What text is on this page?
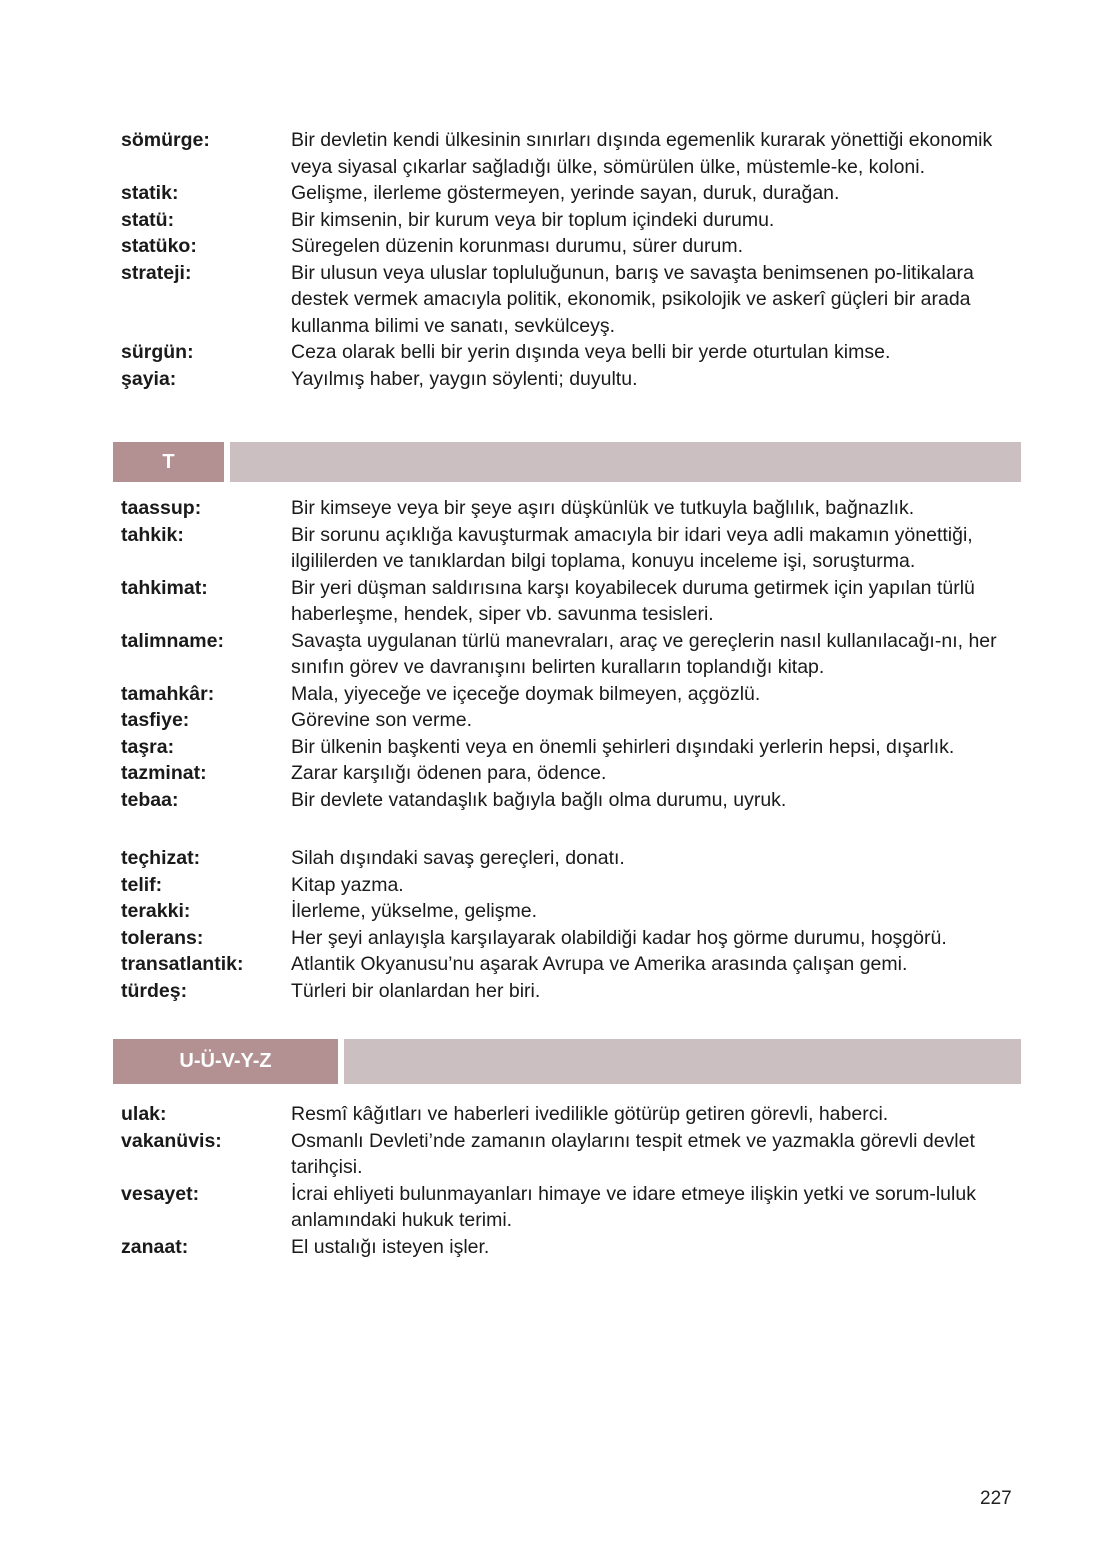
sömürge:	Bir devletin kendi ülkesinin sınırları dışında egemenlik kurarak yönettiği ekonomik veya siyasal çıkarlar sağladığı ülke, sömürülen ülke, müstemle-ke, koloni.
statik:	Gelişme, ilerleme göstermeyen, yerinde sayan, duruk, durağan.
statü:	Bir kimsenin, bir kurum veya bir toplum içindeki durumu.
statüko:	Süregelen düzenin korunması durumu, sürer durum.
strateji:	Bir ulusun veya uluslar topluluğunun, barış ve savaşta benimsenen po-litikalara destek vermek amacıyla politik, ekonomik, psikolojik ve askerî güçleri bir arada kullanma bilimi ve sanatı, sevkülceyş.
sürgün:	Ceza olarak belli bir yerin dışında veya belli bir yerde oturtulan kimse.
şayia:	Yayılmış haber, yaygın söylenti; duyultu.
T
taassup:	Bir kimseye veya bir şeye aşırı düşkünlük ve tutkuyla bağlılık, bağnazlık.
tahkik:	Bir sorunu açıklığa kavuşturmak amacıyla bir idari veya adli makamın yönettiği, ilgililerden ve tanıklardan bilgi toplama, konuyu inceleme işi, soruşturma.
tahkimat:	Bir yeri düşman saldırısına karşı koyabilecek duruma getirmek için yapılan türlü haberleşme, hendek, siper vb. savunma tesisleri.
talimname:	Savaşta uygulanan türlü manevraları, araç ve gereçlerin nasıl kullanılacağı-nı, her sınıfın görev ve davranışını belirten kuralların toplandığı kitap.
tamahkâr:	Mala, yiyeceğe ve içeceğe doymak bilmeyen, açgözlü.
tasfiye:	Görevine son verme.
taşra:	Bir ülkenin başkenti veya en önemli şehirleri dışındaki yerlerin hepsi, dışarlık.
tazminat:	Zarar karşılığı ödenen para, ödence.
tebaa:	Bir devlete vatandaşlık bağıyla bağlı olma durumu, uyruk.
teçhizat:	Silah dışındaki savaş gereçleri, donatı.
telif:	Kitap yazma.
terakki:	İlerleme, yükselme, gelişme.
tolerans:	Her şeyi anlayışla karşılayarak olabildiği kadar hoş görme durumu, hoşgörü.
transatlantik:	Atlantik Okyanusu’nu aşarak Avrupa ve Amerika arasında çalışan gemi.
türdeş:	Türleri bir olanlardan her biri.
U-Ü-V-Y-Z
ulak:	Resmî kâğıtları ve haberleri ivedilikle götürüp getiren görevli, haberci.
vakanüvis:	Osmanlı Devleti’nde zamanın olaylarını tespit etmek ve yazmakla görevli devlet tarihçisi.
vesayet:	İcrai ehliyeti bulunmayanları himaye ve idare etmeye ilişkin yetki ve sorum-luluk anlamındaki hukuk terimi.
zanaat:	El ustalığı isteyen işler.
227
